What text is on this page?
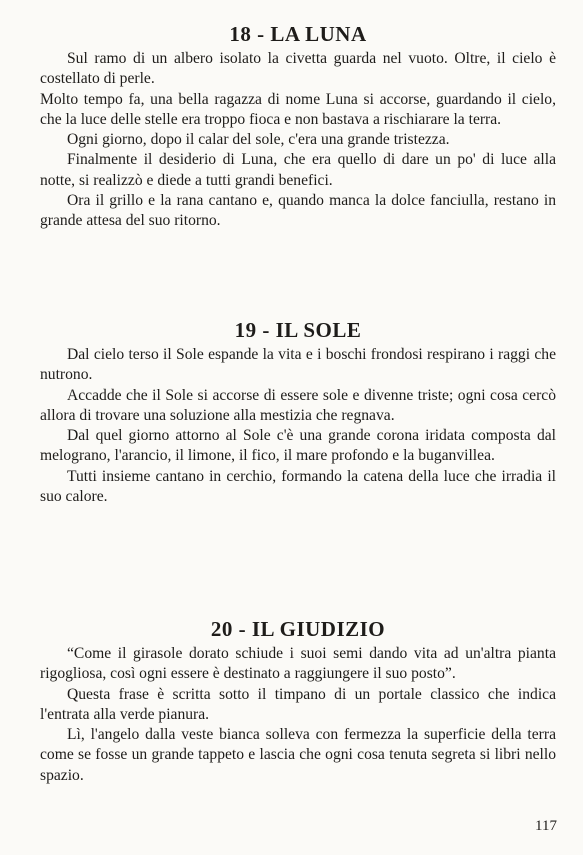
18 - LA LUNA

Sul ramo di un albero isolato la civetta guarda nel vuoto. Oltre, il cielo è costellato di perle.

Molto tempo fa, una bella ragazza di nome Luna si accorse, guardando il cielo, che la luce delle stelle era troppo fioca e non bastava a rischiarare la terra.

Ogni giorno, dopo il calar del sole, c'era una grande tristezza.

Finalmente il desiderio di Luna, che era quello di dare un po' di luce alla notte, si realizzò e diede a tutti grandi benefici.

Ora il grillo e la rana cantano e, quando manca la dolce fanciulla, restano in grande attesa del suo ritorno.

19 - IL SOLE

Dal cielo terso il Sole espande la vita e i boschi frondosi respirano i raggi che nutrono.

Accadde che il Sole si accorse di essere sole e divenne triste; ogni cosa cercò allora di trovare una soluzione alla mestizia che regnava.

Dal quel giorno attorno al Sole c'è una grande corona iridata composta dal melograno, l'arancio, il limone, il fico, il mare profondo e la buganvillea.

Tutti insieme cantano in cerchio, formando la catena della luce che irradia il suo calore.

20 - IL GIUDIZIO

“Come il girasole dorato schiude i suoi semi dando vita ad un'altra pianta rigogliosa, così ogni essere è destinato a raggiungere il suo posto”.

Questa frase è scritta sotto il timpano di un portale classico che indica l'entrata alla verde pianura.

Lì, l'angelo dalla veste bianca solleva con fermezza la superficie della terra come se fosse un grande tappeto e lascia che ogni cosa tenuta segreta si libri nello spazio.

117
